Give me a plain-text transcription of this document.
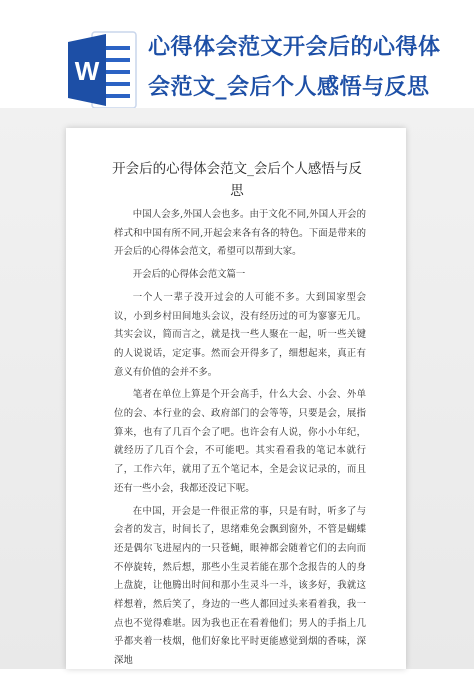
W
心得体会范文开会后的心得体会范文_会后个人感悟与反思
开会后的心得体会范文_会后个人感悟与反思

中国人会多,外国人会也多。由于文化不同,外国人开会的样式和中国有所不同,开起会来各有各的特色。下面是带来的开会后的心得体会范文，希望可以帮到大家。

开会后的心得体会范文篇一

一个人一辈子没开过会的人可能不多。大到国家型会议，小到乡村田间地头会议，没有经历过的可为寥寥无几。其实会议，简而言之，就是找一些人聚在一起，听一些关键的人说说话，定定事。然而会开得多了，细想起来，真正有意义有价值的会并不多。

笔者在单位上算是个开会高手，什么大会、小会、外单位的会、本行业的会、政府部门的会等等，只要是会，展指算来，也有了几百个会了吧。也许会有人说，你小小年纪，就经历了几百个会，不可能吧。其实看看我的笔记本就行了，工作六年，就用了五个笔记本，全是会议记录的，而且还有一些小会，我都还没记下呢。

在中国，开会是一件很正常的事，只是有时，听多了与会者的发言，时间长了，思绪难免会飘到窗外，不管是蝴蝶还是偶尔飞进屋内的一只苍蝇，眼神都会随着它们的去向而不停旋转，然后想，那些小生灵若能在那个念报告的人的身上盘旋，让他腾出时间和那小生灵斗一斗，该多好，我就这样想着，然后笑了，身边的一些人都回过头来看着我，我一点也不觉得难堪。因为我也正在看着他们；男人的手指上几乎都夹着一枝烟，他们好象比平时更能感觉到烟的香味，深深地
